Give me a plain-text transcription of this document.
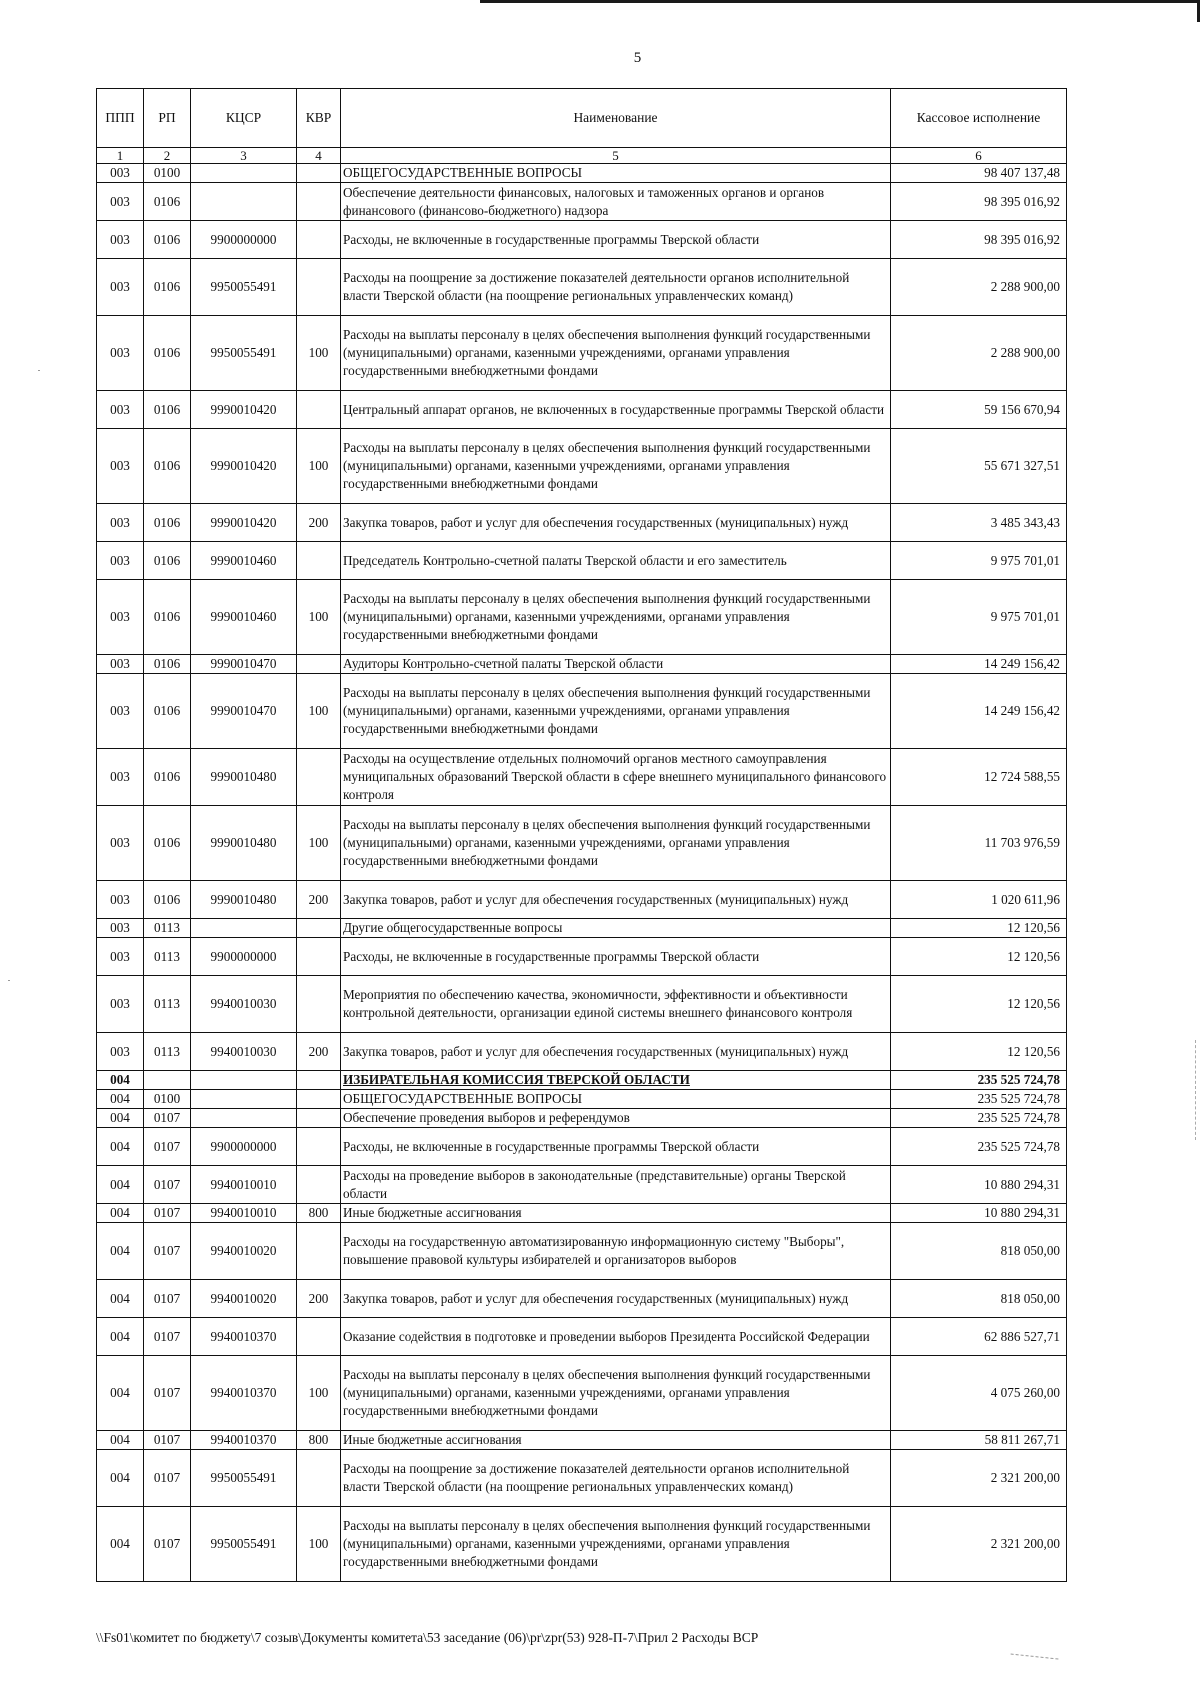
5
ППП	РП	КЦСР	КВР	Наименование	Кассовое исполнение
1	2	3	4	5	6
003	0100			ОБЩЕГОСУДАРСТВЕННЫЕ ВОПРОСЫ	98 407 137,48
003	0106			Обеспечение деятельности финансовых, налоговых и таможенных органов и органов финансового (финансово-бюджетного) надзора	98 395 016,92
003	0106	9900000000		Расходы, не включенные в государственные программы Тверской области	98 395 016,92
003	0106	9950055491		Расходы на поощрение за достижение показателей деятельности органов исполнительной власти Тверской области (на поощрение региональных управленческих команд)	2 288 900,00
003	0106	9950055491	100	Расходы на выплаты персоналу в целях обеспечения выполнения функций государственными (муниципальными) органами, казенными учреждениями, органами управления государственными внебюджетными фондами	2 288 900,00
003	0106	9990010420		Центральный аппарат органов, не включенных в государственные программы Тверской области	59 156 670,94
003	0106	9990010420	100	Расходы на выплаты персоналу в целях обеспечения выполнения функций государственными (муниципальными) органами, казенными учреждениями, органами управления государственными внебюджетными фондами	55 671 327,51
003	0106	9990010420	200	Закупка товаров, работ и услуг для обеспечения государственных (муниципальных) нужд	3 485 343,43
003	0106	9990010460		Председатель Контрольно-счетной палаты Тверской области и его заместитель	9 975 701,01
003	0106	9990010460	100	Расходы на выплаты персоналу в целях обеспечения выполнения функций государственными (муниципальными) органами, казенными учреждениями, органами управления государственными внебюджетными фондами	9 975 701,01
003	0106	9990010470		Аудиторы Контрольно-счетной палаты Тверской области	14 249 156,42
003	0106	9990010470	100	Расходы на выплаты персоналу в целях обеспечения выполнения функций государственными (муниципальными) органами, казенными учреждениями, органами управления государственными внебюджетными фондами	14 249 156,42
003	0106	9990010480		Расходы на осуществление отдельных полномочий органов местного самоуправления муниципальных образований Тверской области в сфере внешнего муниципального финансового контроля	12 724 588,55
003	0106	9990010480	100	Расходы на выплаты персоналу в целях обеспечения выполнения функций государственными (муниципальными) органами, казенными учреждениями, органами управления государственными внебюджетными фондами	11 703 976,59
003	0106	9990010480	200	Закупка товаров, работ и услуг для обеспечения государственных (муниципальных) нужд	1 020 611,96
003	0113			Другие общегосударственные вопросы	12 120,56
003	0113	9900000000		Расходы, не включенные в государственные программы Тверской области	12 120,56
003	0113	9940010030		Мероприятия по обеспечению качества, экономичности, эффективности и объективности контрольной деятельности, организации единой системы внешнего финансового контроля	12 120,56
003	0113	9940010030	200	Закупка товаров, работ и услуг для обеспечения государственных (муниципальных) нужд	12 120,56
004				ИЗБИРАТЕЛЬНАЯ КОМИССИЯ ТВЕРСКОЙ ОБЛАСТИ	235 525 724,78
004	0100			ОБЩЕГОСУДАРСТВЕННЫЕ ВОПРОСЫ	235 525 724,78
004	0107			Обеспечение проведения выборов и референдумов	235 525 724,78
004	0107	9900000000		Расходы, не включенные в государственные программы Тверской области	235 525 724,78
004	0107	9940010010		Расходы на проведение выборов в законодательные (представительные) органы Тверской области	10 880 294,31
004	0107	9940010010	800	Иные бюджетные ассигнования	10 880 294,31
004	0107	9940010020		Расходы на государственную автоматизированную информационную систему "Выборы", повышение правовой культуры избирателей и организаторов выборов	818 050,00
004	0107	9940010020	200	Закупка товаров, работ и услуг для обеспечения государственных (муниципальных) нужд	818 050,00
004	0107	9940010370		Оказание содействия в подготовке и проведении выборов Президента Российской Федерации	62 886 527,71
004	0107	9940010370	100	Расходы на выплаты персоналу в целях обеспечения выполнения функций государственными (муниципальными) органами, казенными учреждениями, органами управления государственными внебюджетными фондами	4 075 260,00
004	0107	9940010370	800	Иные бюджетные ассигнования	58 811 267,71
004	0107	9950055491		Расходы на поощрение за достижение показателей деятельности органов исполнительной власти Тверской области (на поощрение региональных управленческих команд)	2 321 200,00
004	0107	9950055491	100	Расходы на выплаты персоналу в целях обеспечения выполнения функций государственными (муниципальными) органами, казенными учреждениями, органами управления государственными внебюджетными фондами	2 321 200,00
\\Fs01\комитет по бюджету\7 созыв\Документы комитета\53 заседание (06)\pr\zpr(53) 928-П-7\Прил 2 Расходы ВСР
